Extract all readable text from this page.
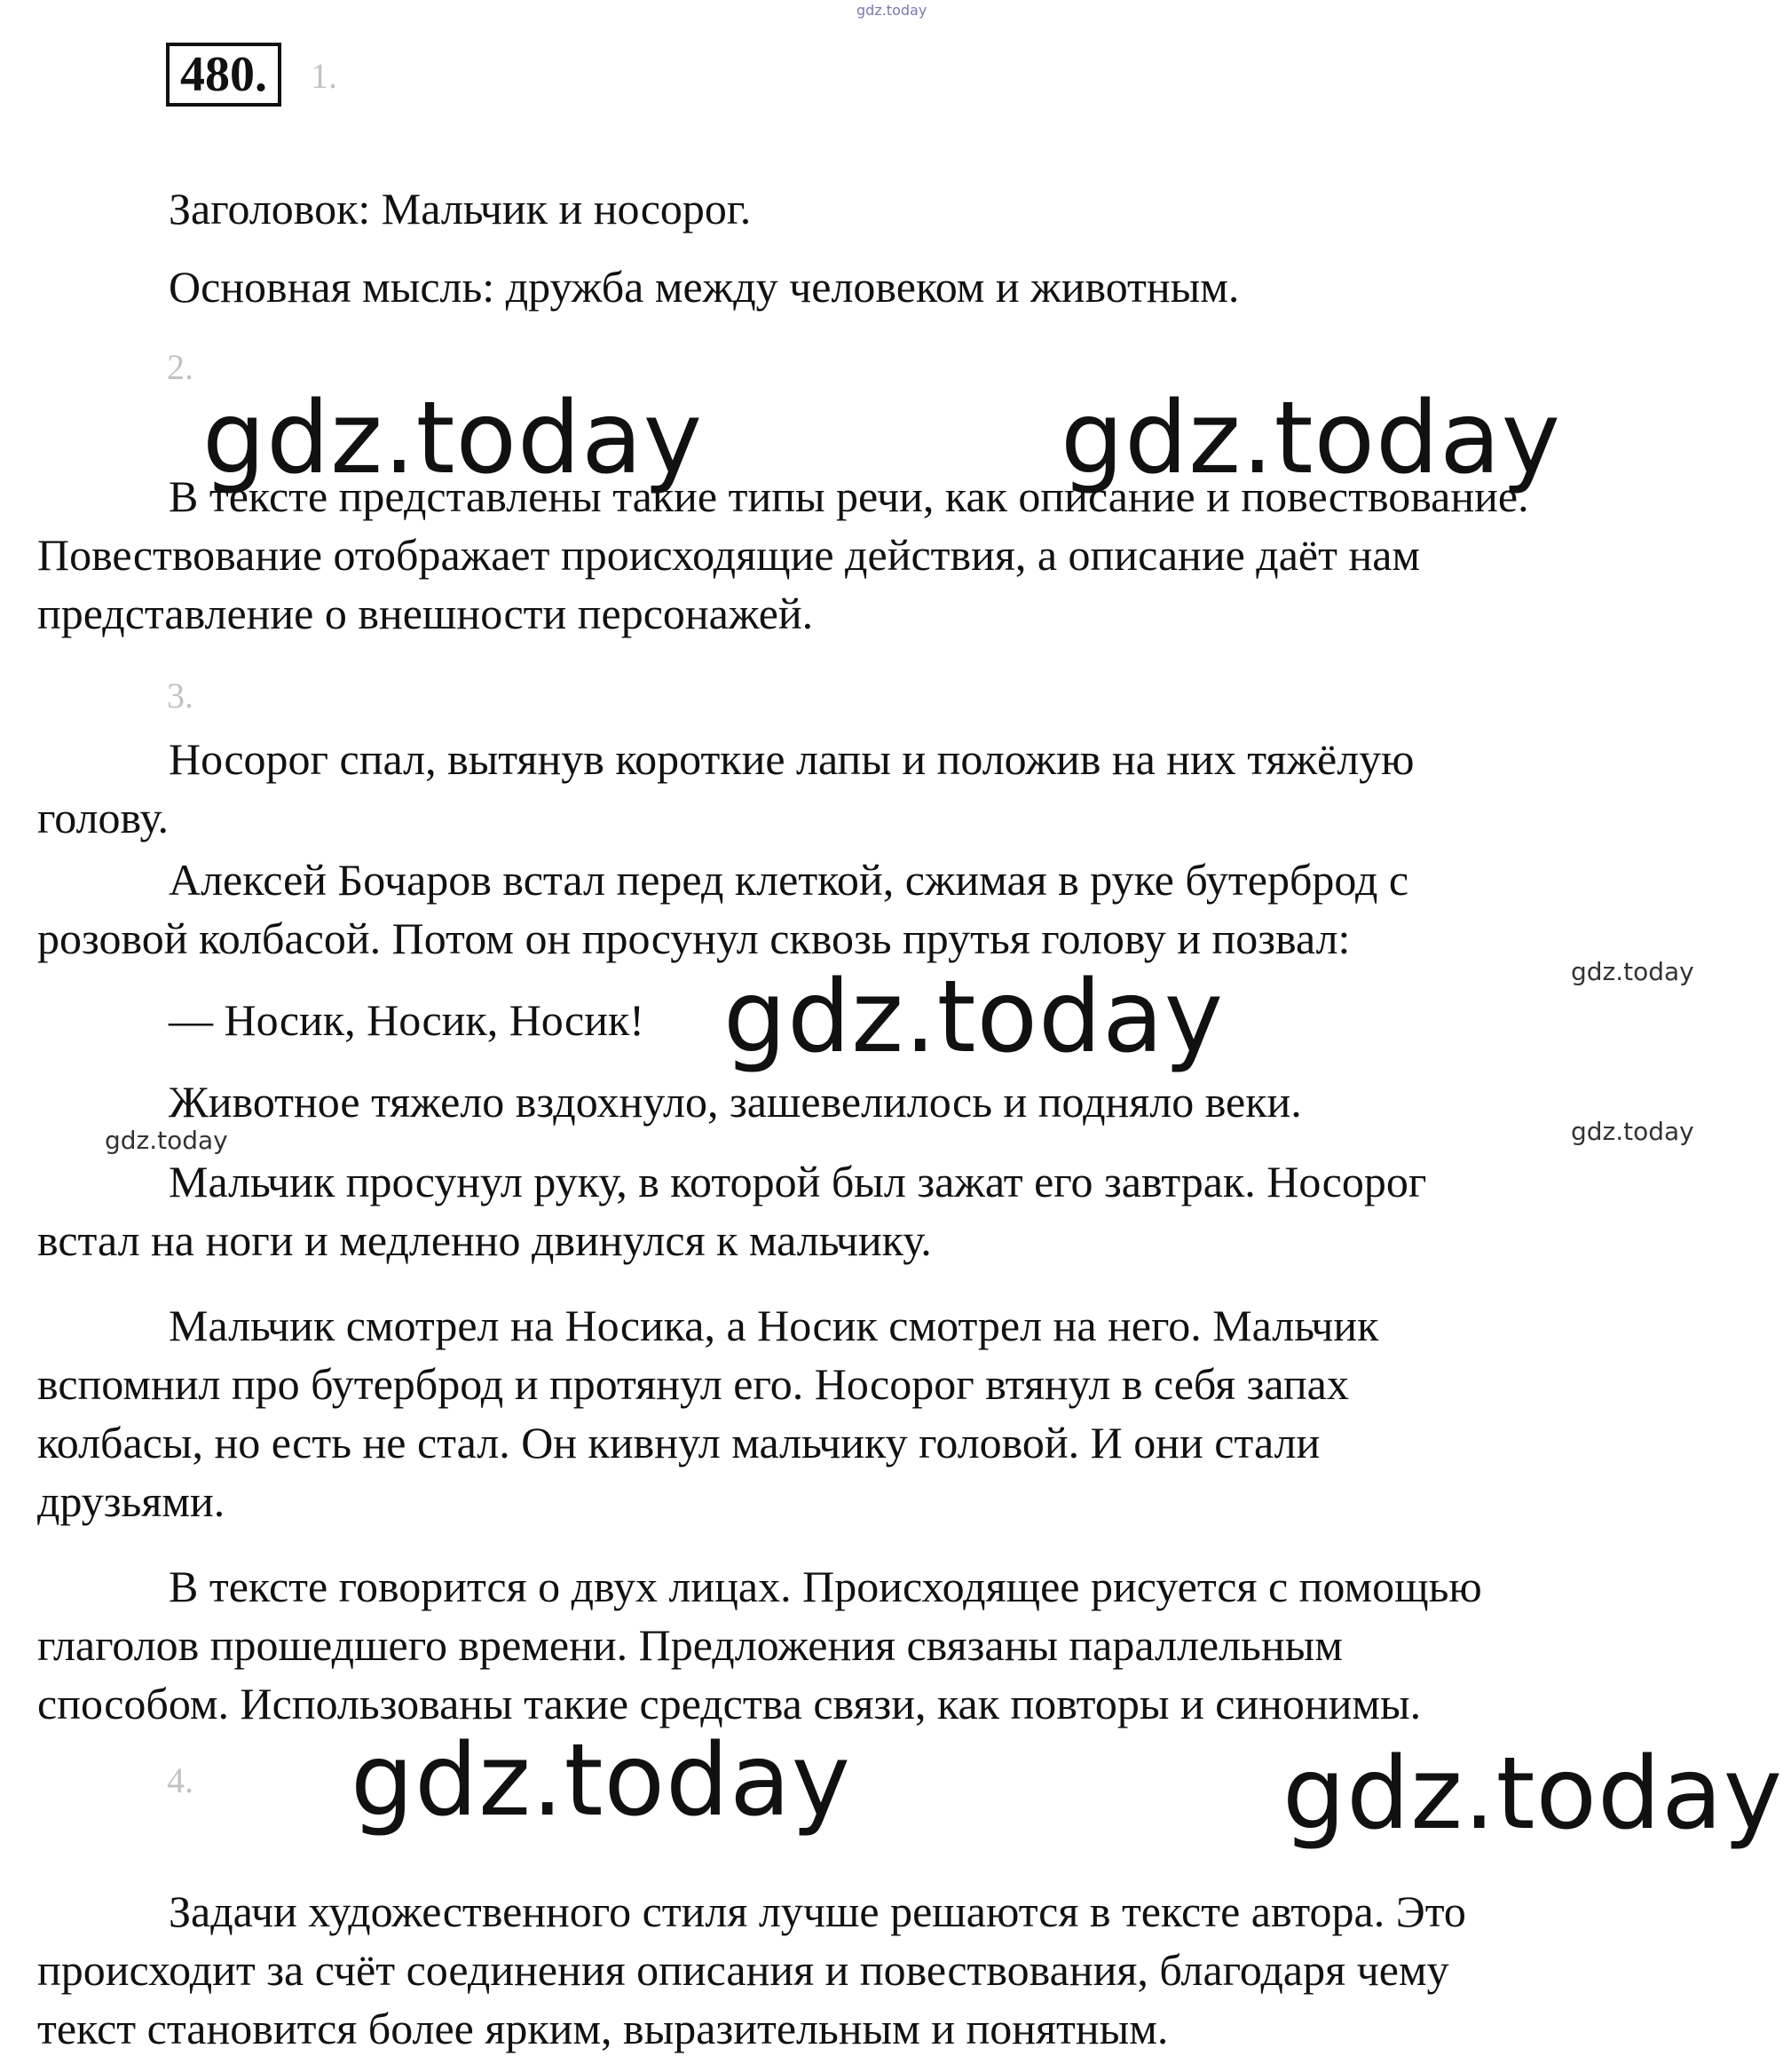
gdz.today
480.	1.
Заголовок: Мальчик и носорог.
Основная мысль: дружба между человеком и животным.
2.
gdz.today	gdz.today
В тексте представлены такие типы речи, как описание и повествование.
Повествование отображает происходящие действия, а описание даёт нам
представление о внешности персонажей.
3.
Носорог спал, вытянув короткие лапы и положив на них тяжёлую
голову.
Алексей Бочаров встал перед клеткой, сжимая в руке бутерброд с
розовой колбасой. Потом он просунул сквозь прутья голову и позвал:
gdz.today
— Носик, Носик, Носик! gdz.today
Животное тяжело вздохнуло, зашевелилось и подняло веки.
gdz.today
gdz.today
Мальчик просунул руку, в которой был зажат его завтрак. Носорог
встал на ноги и медленно двинулся к мальчику.
Мальчик смотрел на Носика, а Носик смотрел на него. Мальчик
вспомнил про бутерброд и протянул его. Носорог втянул в себя запах
колбасы, но есть не стал. Он кивнул мальчику головой. И они стали
друзьями.
В тексте говорится о двух лицах. Происходящее рисуется с помощью
глаголов прошедшего времени. Предложения связаны параллельным
способом. Использованы такие средства связи, как повторы и синонимы.
gdz.today
4.	gdz.today
Задачи художественного стиля лучше решаются в тексте автора. Это
происходит за счёт соединения описания и повествования, благодаря чему
текст становится более ярким, выразительным и понятным.
